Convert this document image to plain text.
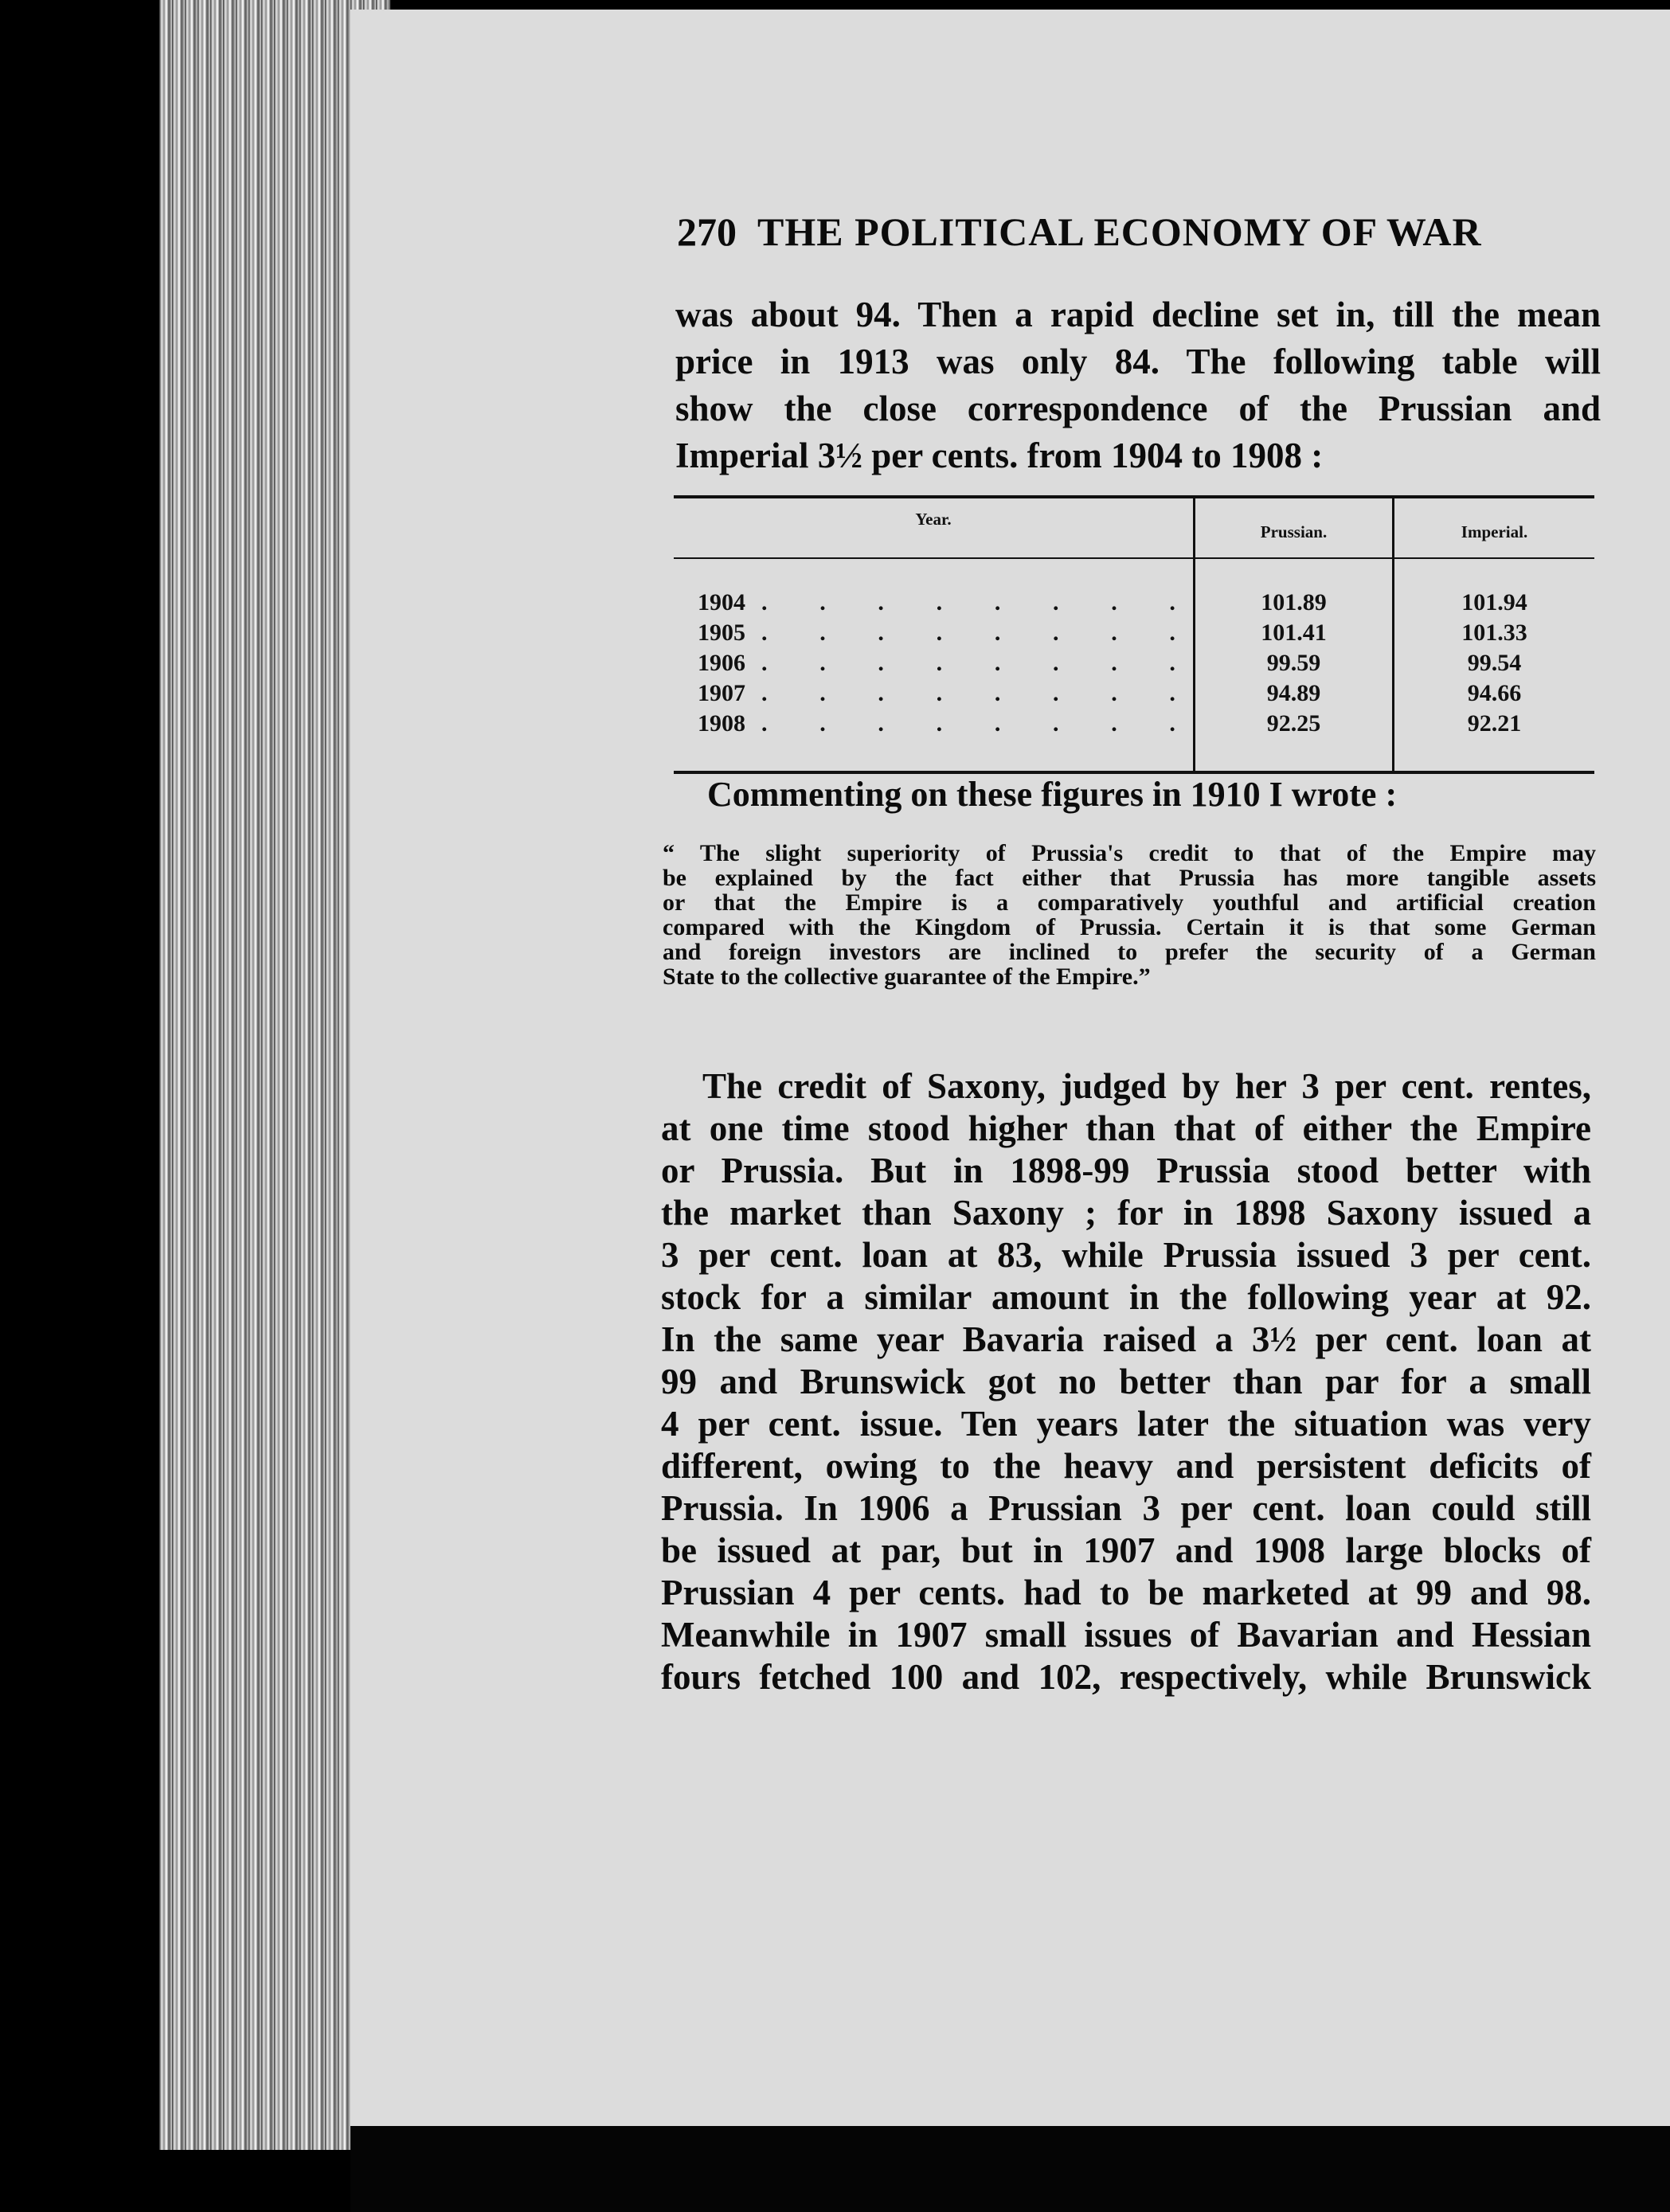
270 THE POLITICAL ECONOMY OF WAR
was about 94. Then a rapid decline set in, till the mean
price in 1913 was only 84. The following table will
show the close correspondence of the Prussian and
Imperial 3½ per cents. from 1904 to 1908 :
Year.
Prussian.	Imperial.
1904 . . . . . . . .	101.89	101.94
1905 . . . . . . . .	101.41	101.33
1906 . . . . . . . .	99.59	99.54
1907 . . . . . . . .	94.89	94.66
1908 . . . . . . . .	92.25	92.21
Commenting on these figures in 1910 I wrote :
“ The slight superiority of Prussia's credit to that of the Empire may
be explained by the fact either that Prussia has more tangible assets
or that the Empire is a comparatively youthful and artificial creation
compared with the Kingdom of Prussia. Certain it is that some German
and foreign investors are inclined to prefer the security of a German
State to the collective guarantee of the Empire.”
The credit of Saxony, judged by her 3 per cent. rentes,
at one time stood higher than that of either the Empire
or Prussia. But in 1898-99 Prussia stood better with
the market than Saxony ; for in 1898 Saxony issued a
3 per cent. loan at 83, while Prussia issued 3 per cent.
stock for a similar amount in the following year at 92.
In the same year Bavaria raised a 3½ per cent. loan at
99 and Brunswick got no better than par for a small
4 per cent. issue. Ten years later the situation was very
different, owing to the heavy and persistent deficits of
Prussia. In 1906 a Prussian 3 per cent. loan could still
be issued at par, but in 1907 and 1908 large blocks of
Prussian 4 per cents. had to be marketed at 99 and 98.
Meanwhile in 1907 small issues of Bavarian and Hessian
fours fetched 100 and 102, respectively, while Brunswick
